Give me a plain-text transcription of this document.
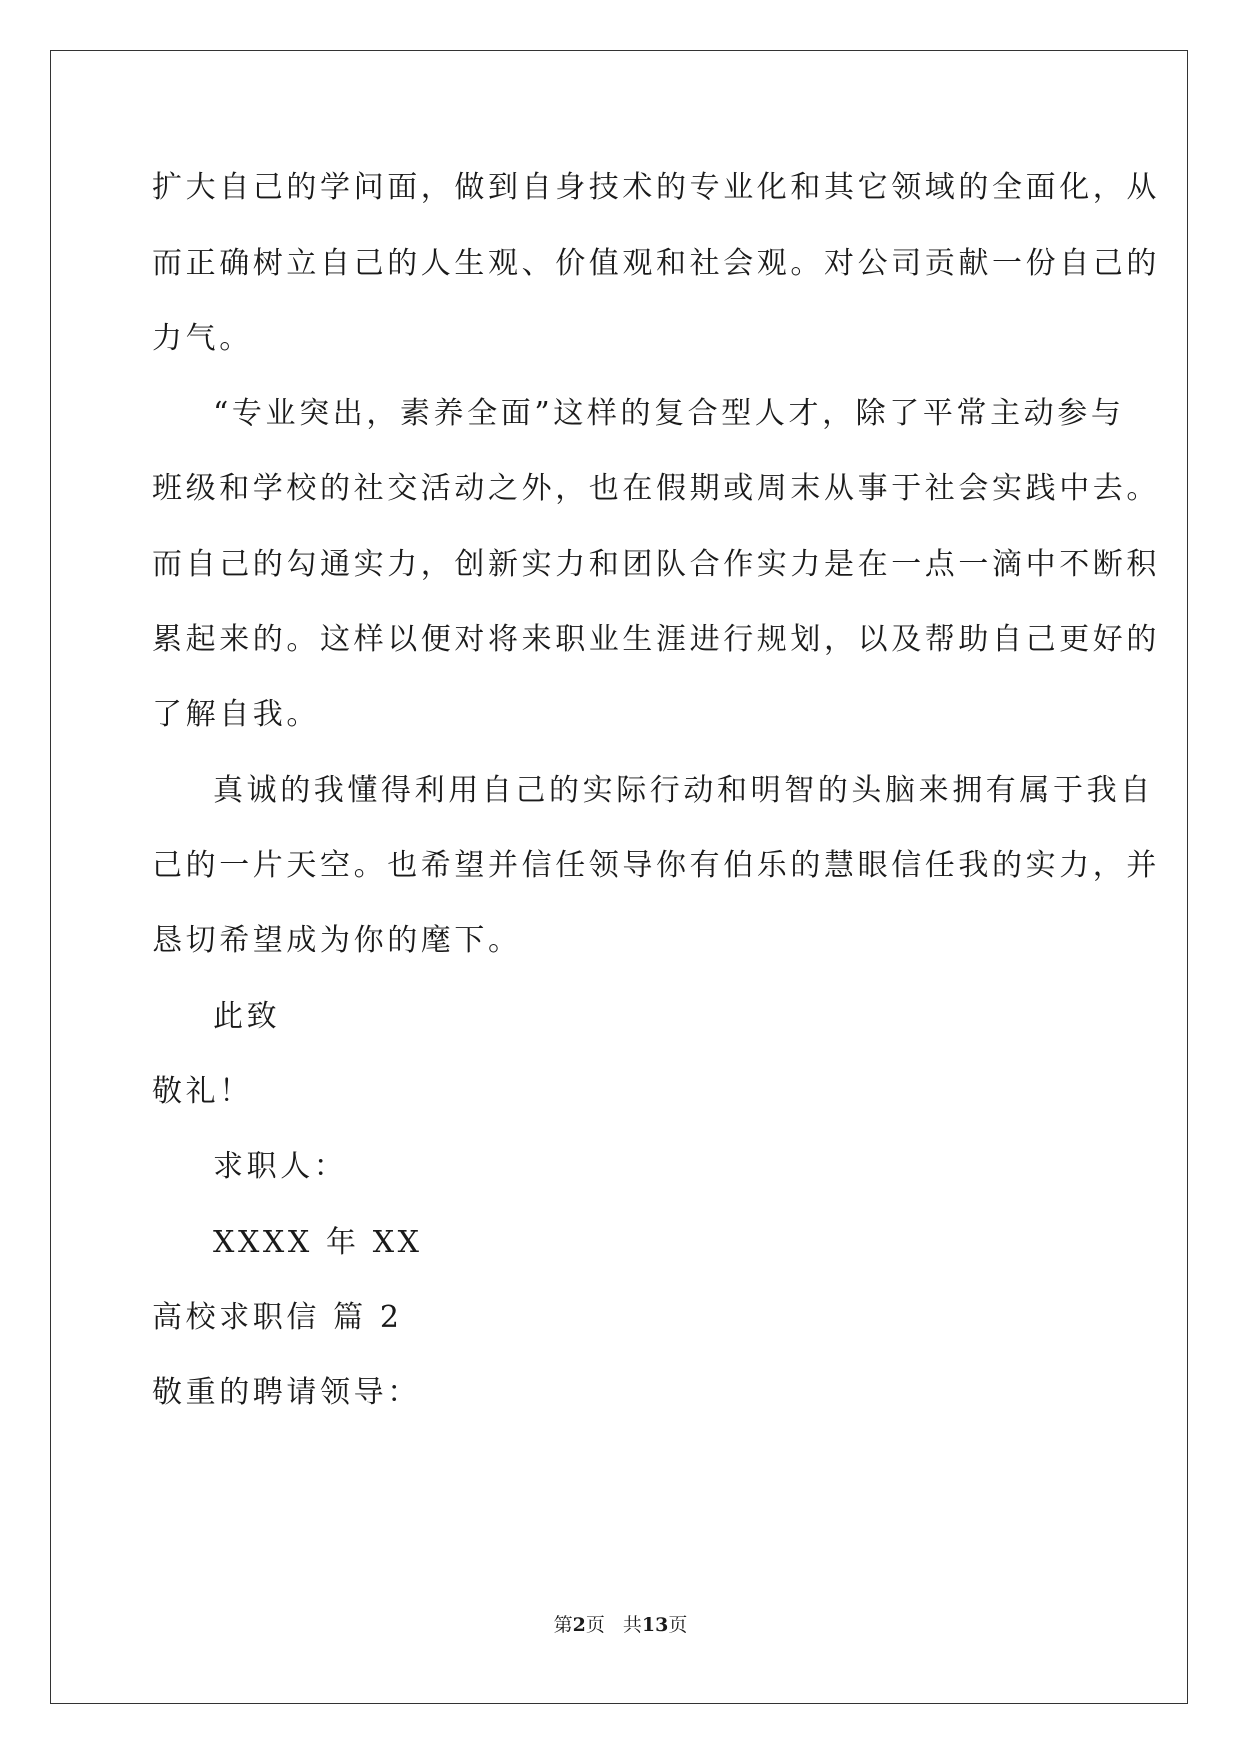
扩大自己的学问面，做到自身技术的专业化和其它领域的全面化，从
而正确树立自己的人生观、价值观和社会观。对公司贡献一份自己的
力气。
“专业突出，素养全面”这样的复合型人才，除了平常主动参与
班级和学校的社交活动之外，也在假期或周末从事于社会实践中去。
而自己的勾通实力，创新实力和团队合作实力是在一点一滴中不断积
累起来的。这样以便对将来职业生涯进行规划，以及帮助自己更好的
了解自我。
真诚的我懂得利用自己的实际行动和明智的头脑来拥有属于我自
己的一片天空。也希望并信任领导你有伯乐的慧眼信任我的实力，并
恳切希望成为你的麾下。
此致
敬礼！
求职人：
XXXX 年 XX
高校求职信 篇 2
敬重的聘请领导：
第2页 共13页
